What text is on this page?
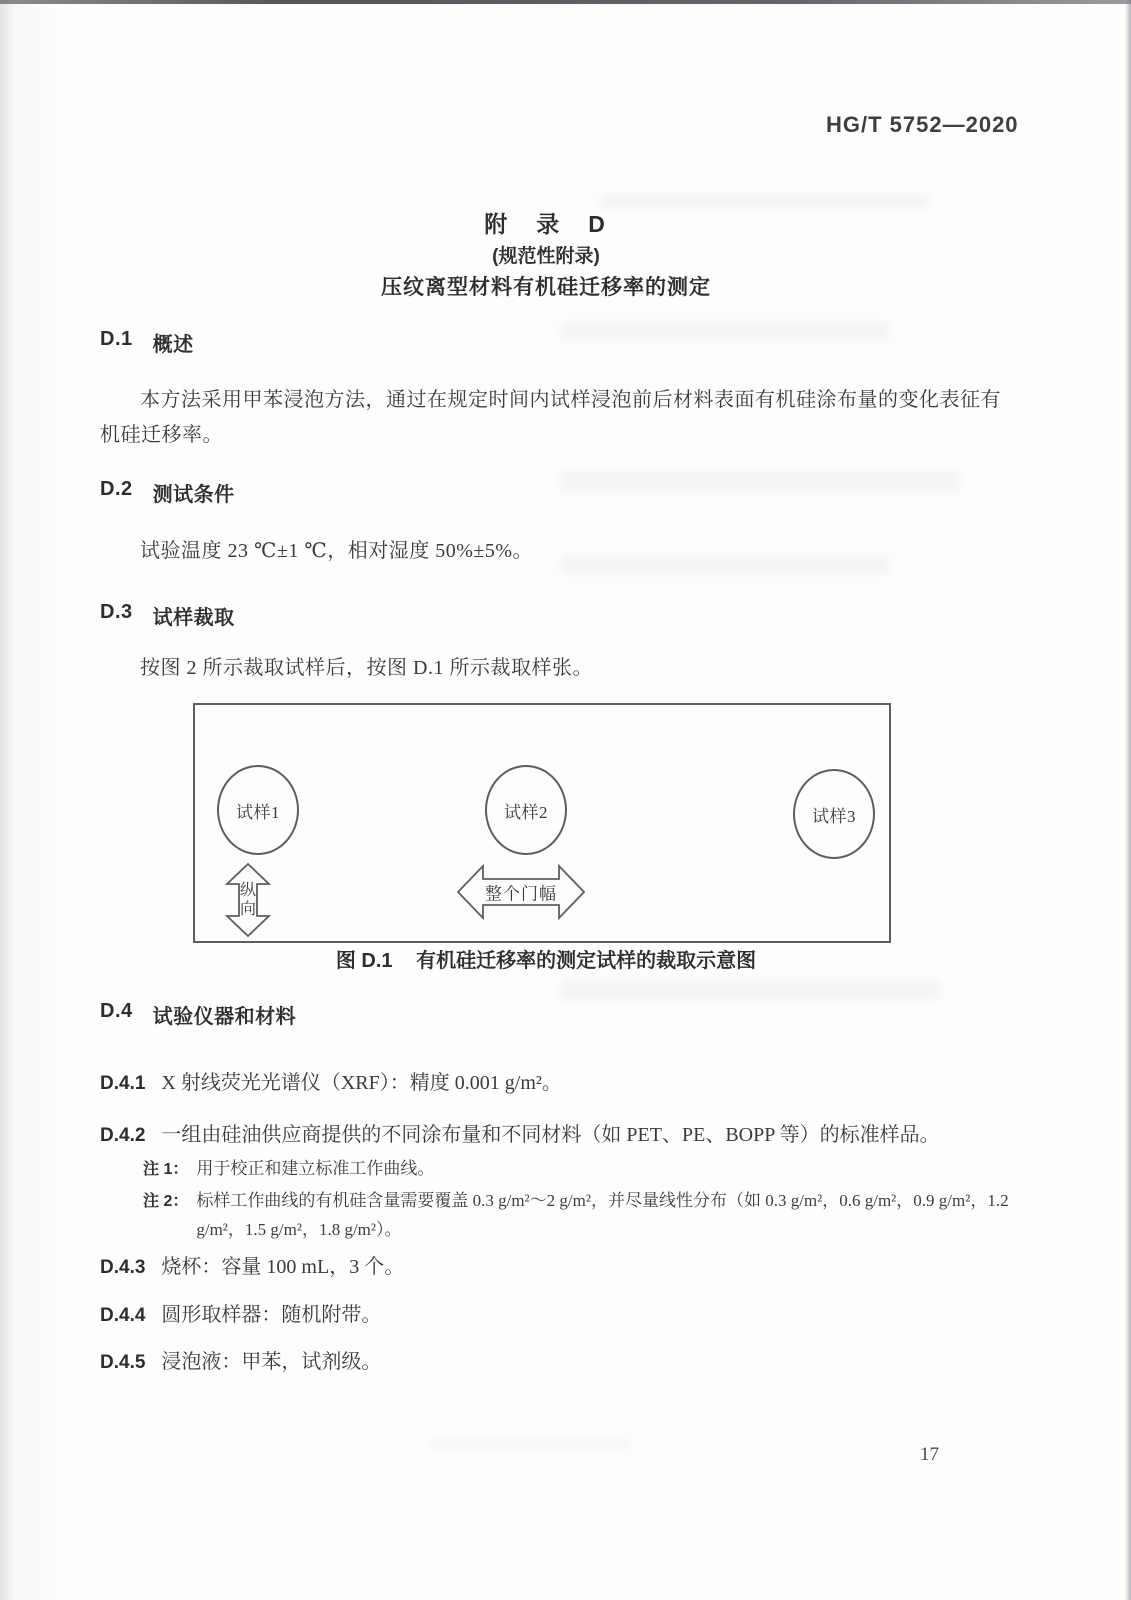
HG/T 5752—2020
附　录　D
(规范性附录)
压纹离型材料有机硅迁移率的测定
D.1 概述
本方法采用甲苯浸泡方法，通过在规定时间内试样浸泡前后材料表面有机硅涂布量的变化表征有机硅迁移率。
D.2 测试条件
试验温度 23 ℃±1 ℃，相对湿度 50%±5%。
D.3 试样裁取
按图 2 所示裁取试样后，按图 D.1 所示裁取样张。
试样1	试样2	试样3
纵向
整个门幅
图 D.1 有机硅迁移率的测定试样的裁取示意图
D.4 试验仪器和材料
D.4.1 X 射线荧光光谱仪（XRF）：精度 0.001 g/m²。
D.4.2 一组由硅油供应商提供的不同涂布量和不同材料（如 PET、PE、BOPP 等）的标准样品。
注 1： 用于校正和建立标准工作曲线。
注 2： 标样工作曲线的有机硅含量需要覆盖 0.3 g/m²～2 g/m²，并尽量线性分布（如 0.3 g/m²，0.6 g/m²，0.9 g/m²，1.2 g/m²，1.5 g/m²，1.8 g/m²）。
D.4.3 烧杯：容量 100 mL，3 个。
D.4.4 圆形取样器：随机附带。
D.4.5 浸泡液：甲苯，试剂级。
17
